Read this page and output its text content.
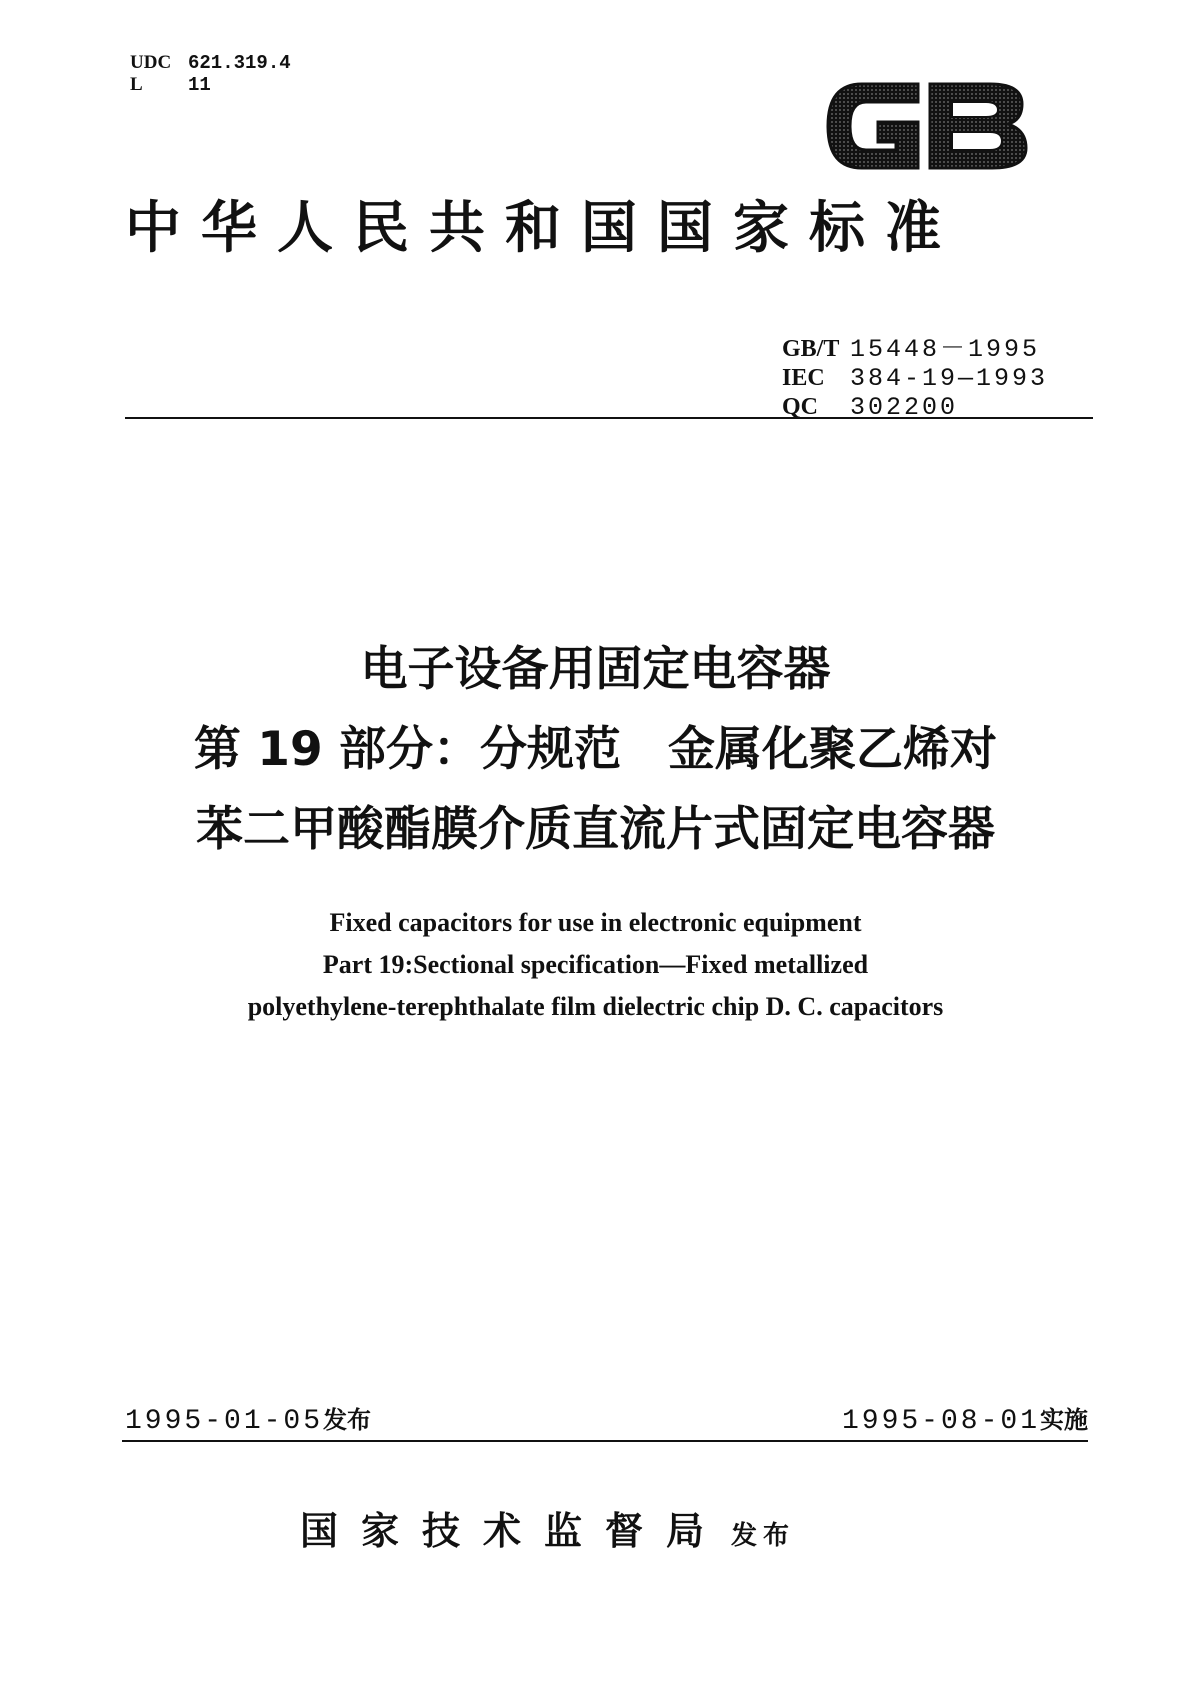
UDC 621.319.4
L 11
中华人民共和国国家标准
GB/T 15448－1995
IEC 384-19—1993
QC 302200
电子设备用固定电容器
第 19 部分：分规范　金属化聚乙烯对
苯二甲酸酯膜介质直流片式固定电容器
Fixed capacitors for use in electronic equipment
Part 19:Sectional specification—Fixed metallized
polyethylene-terephthalate film dielectric chip D. C. capacitors
1995-01-05发布	1995-08-01实施
国家技术监督局 发布
